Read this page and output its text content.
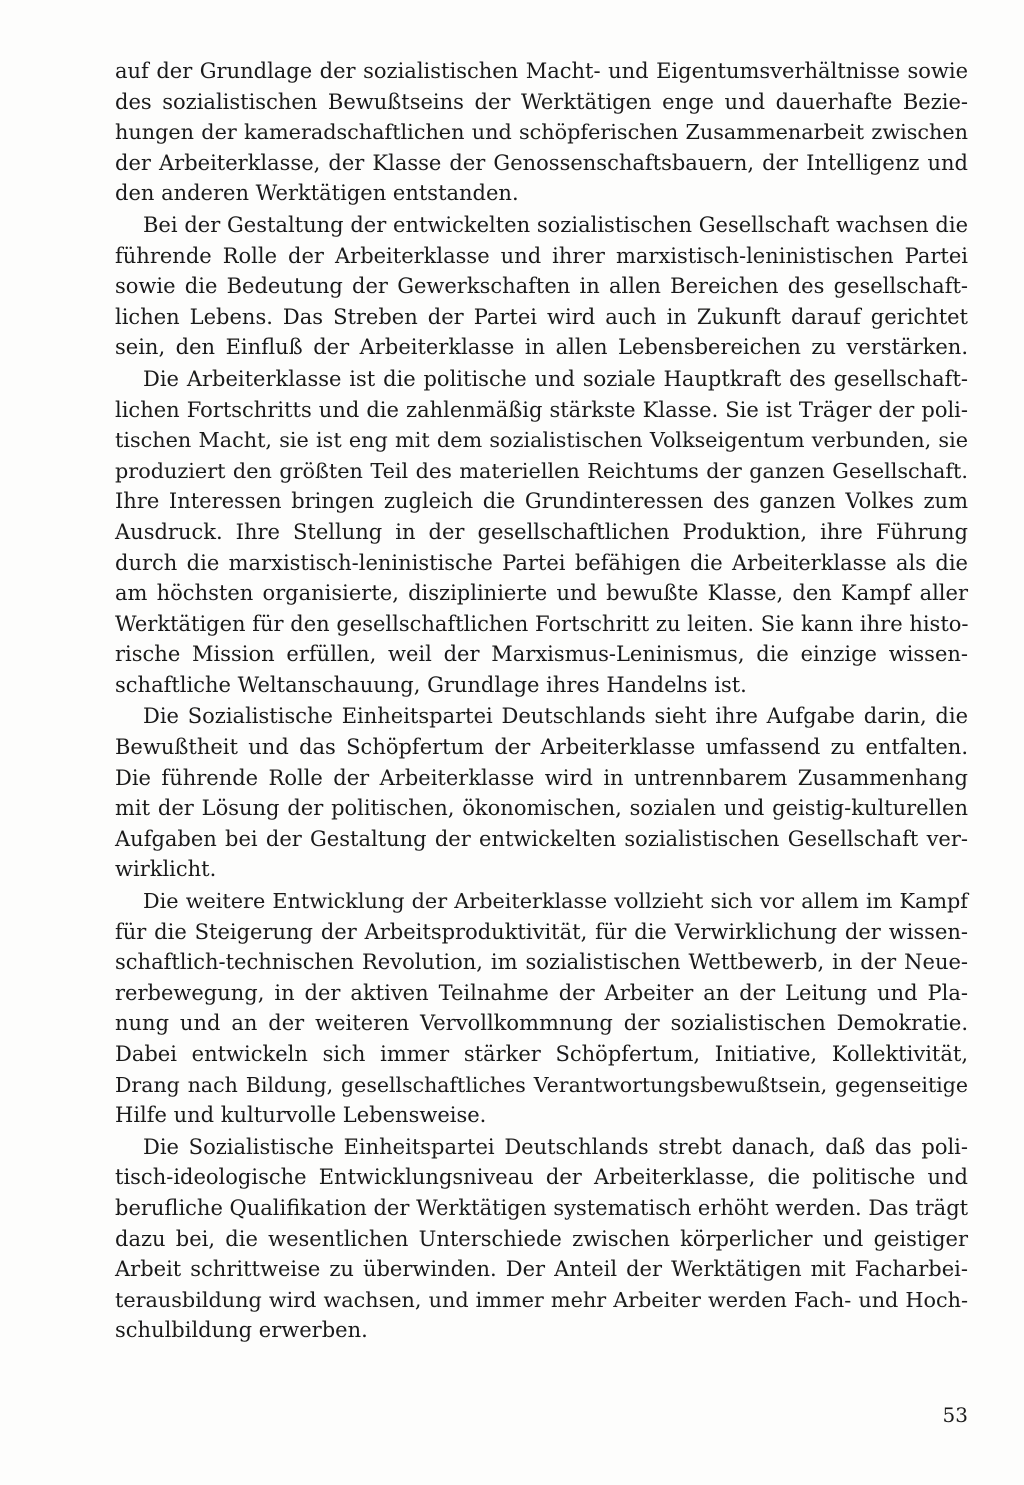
auf der Grundlage der sozialistischen Macht- und Eigentumsverhältnisse sowie
des sozialistischen Bewußtseins der Werktätigen enge und dauerhafte Bezie-
hungen der kameradschaftlichen und schöpferischen Zusammenarbeit zwischen
der Arbeiterklasse, der Klasse der Genossenschaftsbauern, der Intelligenz und
den anderen Werktätigen entstanden.
Bei der Gestaltung der entwickelten sozialistischen Gesellschaft wachsen die
führende Rolle der Arbeiterklasse und ihrer marxistisch-leninistischen Partei
sowie die Bedeutung der Gewerkschaften in allen Bereichen des gesellschaft-
lichen Lebens. Das Streben der Partei wird auch in Zukunft darauf gerichtet
sein, den Einfluß der Arbeiterklasse in allen Lebensbereichen zu verstärken.
Die Arbeiterklasse ist die politische und soziale Hauptkraft des gesellschaft-
lichen Fortschritts und die zahlenmäßig stärkste Klasse. Sie ist Träger der poli-
tischen Macht, sie ist eng mit dem sozialistischen Volkseigentum verbunden, sie
produziert den größten Teil des materiellen Reichtums der ganzen Gesellschaft.
Ihre Interessen bringen zugleich die Grundinteressen des ganzen Volkes zum
Ausdruck. Ihre Stellung in der gesellschaftlichen Produktion, ihre Führung
durch die marxistisch-leninistische Partei befähigen die Arbeiterklasse als die
am höchsten organisierte, disziplinierte und bewußte Klasse, den Kampf aller
Werktätigen für den gesellschaftlichen Fortschritt zu leiten. Sie kann ihre histo-
rische Mission erfüllen, weil der Marxismus-Leninismus, die einzige wissen-
schaftliche Weltanschauung, Grundlage ihres Handelns ist.
Die Sozialistische Einheitspartei Deutschlands sieht ihre Aufgabe darin, die
Bewußtheit und das Schöpfertum der Arbeiterklasse umfassend zu entfalten.
Die führende Rolle der Arbeiterklasse wird in untrennbarem Zusammenhang
mit der Lösung der politischen, ökonomischen, sozialen und geistig-kulturellen
Aufgaben bei der Gestaltung der entwickelten sozialistischen Gesellschaft ver-
wirklicht.
Die weitere Entwicklung der Arbeiterklasse vollzieht sich vor allem im Kampf
für die Steigerung der Arbeitsproduktivität, für die Verwirklichung der wissen-
schaftlich-technischen Revolution, im sozialistischen Wettbewerb, in der Neue-
rerbewegung, in der aktiven Teilnahme der Arbeiter an der Leitung und Pla-
nung und an der weiteren Vervollkommnung der sozialistischen Demokratie.
Dabei entwickeln sich immer stärker Schöpfertum, Initiative, Kollektivität,
Drang nach Bildung, gesellschaftliches Verantwortungsbewußtsein, gegenseitige
Hilfe und kulturvolle Lebensweise.
Die Sozialistische Einheitspartei Deutschlands strebt danach, daß das poli-
tisch-ideologische Entwicklungsniveau der Arbeiterklasse, die politische und
berufliche Qualifikation der Werktätigen systematisch erhöht werden. Das trägt
dazu bei, die wesentlichen Unterschiede zwischen körperlicher und geistiger
Arbeit schrittweise zu überwinden. Der Anteil der Werktätigen mit Facharbei-
terausbildung wird wachsen, und immer mehr Arbeiter werden Fach- und Hoch-
schulbildung erwerben.
53
